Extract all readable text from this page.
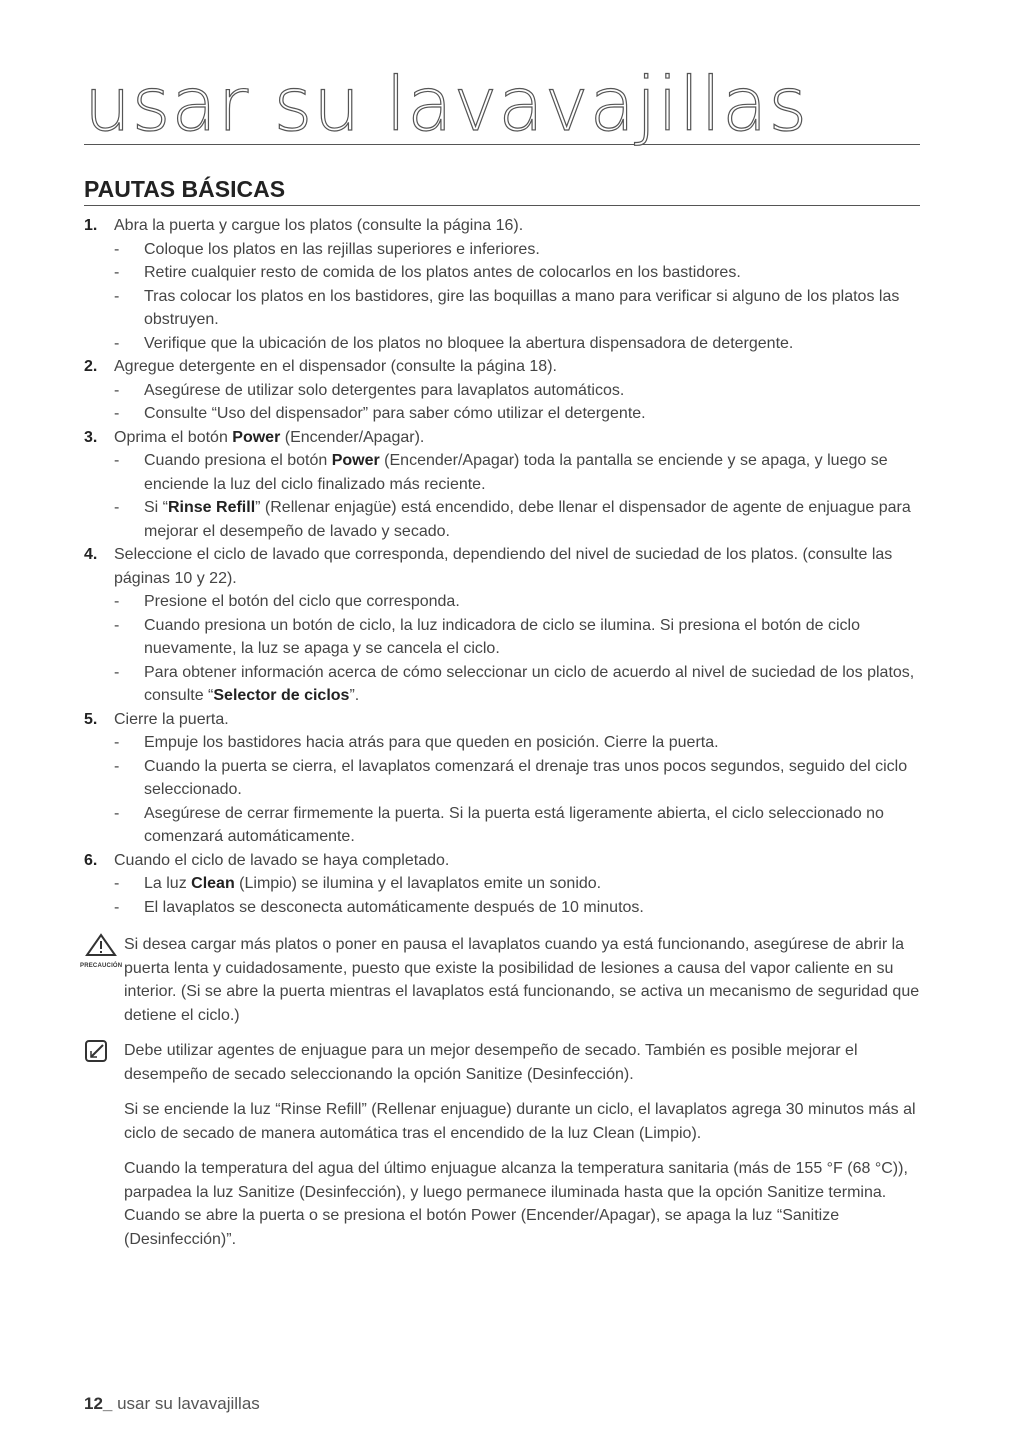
usar su lavavajillas
PAUTAS BÁSICAS
1.	Abra la puerta y cargue los platos (consulte la página 16).
- Coloque los platos en las rejillas superiores e inferiores.
- Retire cualquier resto de comida de los platos antes de colocarlos en los bastidores.
- Tras colocar los platos en los bastidores, gire las boquillas a mano para verificar si alguno de los platos las obstruyen.
- Verifique que la ubicación de los platos no bloquee la abertura dispensadora de detergente.
2.	Agregue detergente en el dispensador (consulte la página 18).
- Asegúrese de utilizar solo detergentes para lavaplatos automáticos.
- Consulte “Uso del dispensador” para saber cómo utilizar el detergente.
3.	Oprima el botón Power (Encender/Apagar).
- Cuando presiona el botón Power (Encender/Apagar) toda la pantalla se enciende y se apaga, y luego se enciende la luz del ciclo finalizado más reciente.
- Si “Rinse Refill” (Rellenar enjagüe) está encendido, debe llenar el dispensador de agente de enjuague para mejorar el desempeño de lavado y secado.
4.	Seleccione el ciclo de lavado que corresponda, dependiendo del nivel de suciedad de los platos. (consulte las páginas 10 y 22).
- Presione el botón del ciclo que corresponda.
- Cuando presiona un botón de ciclo, la luz indicadora de ciclo se ilumina. Si presiona el botón de ciclo nuevamente, la luz se apaga y se cancela el ciclo.
- Para obtener información acerca de cómo seleccionar un ciclo de acuerdo al nivel de suciedad de los platos, consulte “Selector de ciclos”.
5.	Cierre la puerta.
- Empuje los bastidores hacia atrás para que queden en posición. Cierre la puerta.
- Cuando la puerta se cierra, el lavaplatos comenzará el drenaje tras unos pocos segundos, seguido del ciclo seleccionado.
- Asegúrese de cerrar firmemente la puerta. Si la puerta está ligeramente abierta, el ciclo seleccionado no comenzará automáticamente.
6.	Cuando el ciclo de lavado se haya completado.
- La luz Clean (Limpio) se ilumina y el lavaplatos emite un sonido.
- El lavaplatos se desconecta automáticamente después de 10 minutos.
PRECAUCIÓN
Si desea cargar más platos o poner en pausa el lavaplatos cuando ya está funcionando, asegúrese de abrir la puerta lenta y cuidadosamente, puesto que existe la posibilidad de lesiones a causa del vapor caliente en su interior. (Si se abre la puerta mientras el lavaplatos está funcionando, se activa un mecanismo de seguridad que detiene el ciclo.)
Debe utilizar agentes de enjuague para un mejor desempeño de secado. También es posible mejorar el desempeño de secado seleccionando la opción Sanitize (Desinfección).
Si se enciende la luz “Rinse Refill” (Rellenar enjuague) durante un ciclo, el lavaplatos agrega 30 minutos más al ciclo de secado de manera automática tras el encendido de la luz Clean (Limpio).
Cuando la temperatura del agua del último enjuague alcanza la temperatura sanitaria (más de 155 °F (68 °C)), parpadea la luz Sanitize (Desinfección), y luego permanece iluminada hasta que la opción Sanitize termina. Cuando se abre la puerta o se presiona el botón Power (Encender/Apagar), se apaga la luz “Sanitize (Desinfección)”.
12_ usar su lavavajillas
